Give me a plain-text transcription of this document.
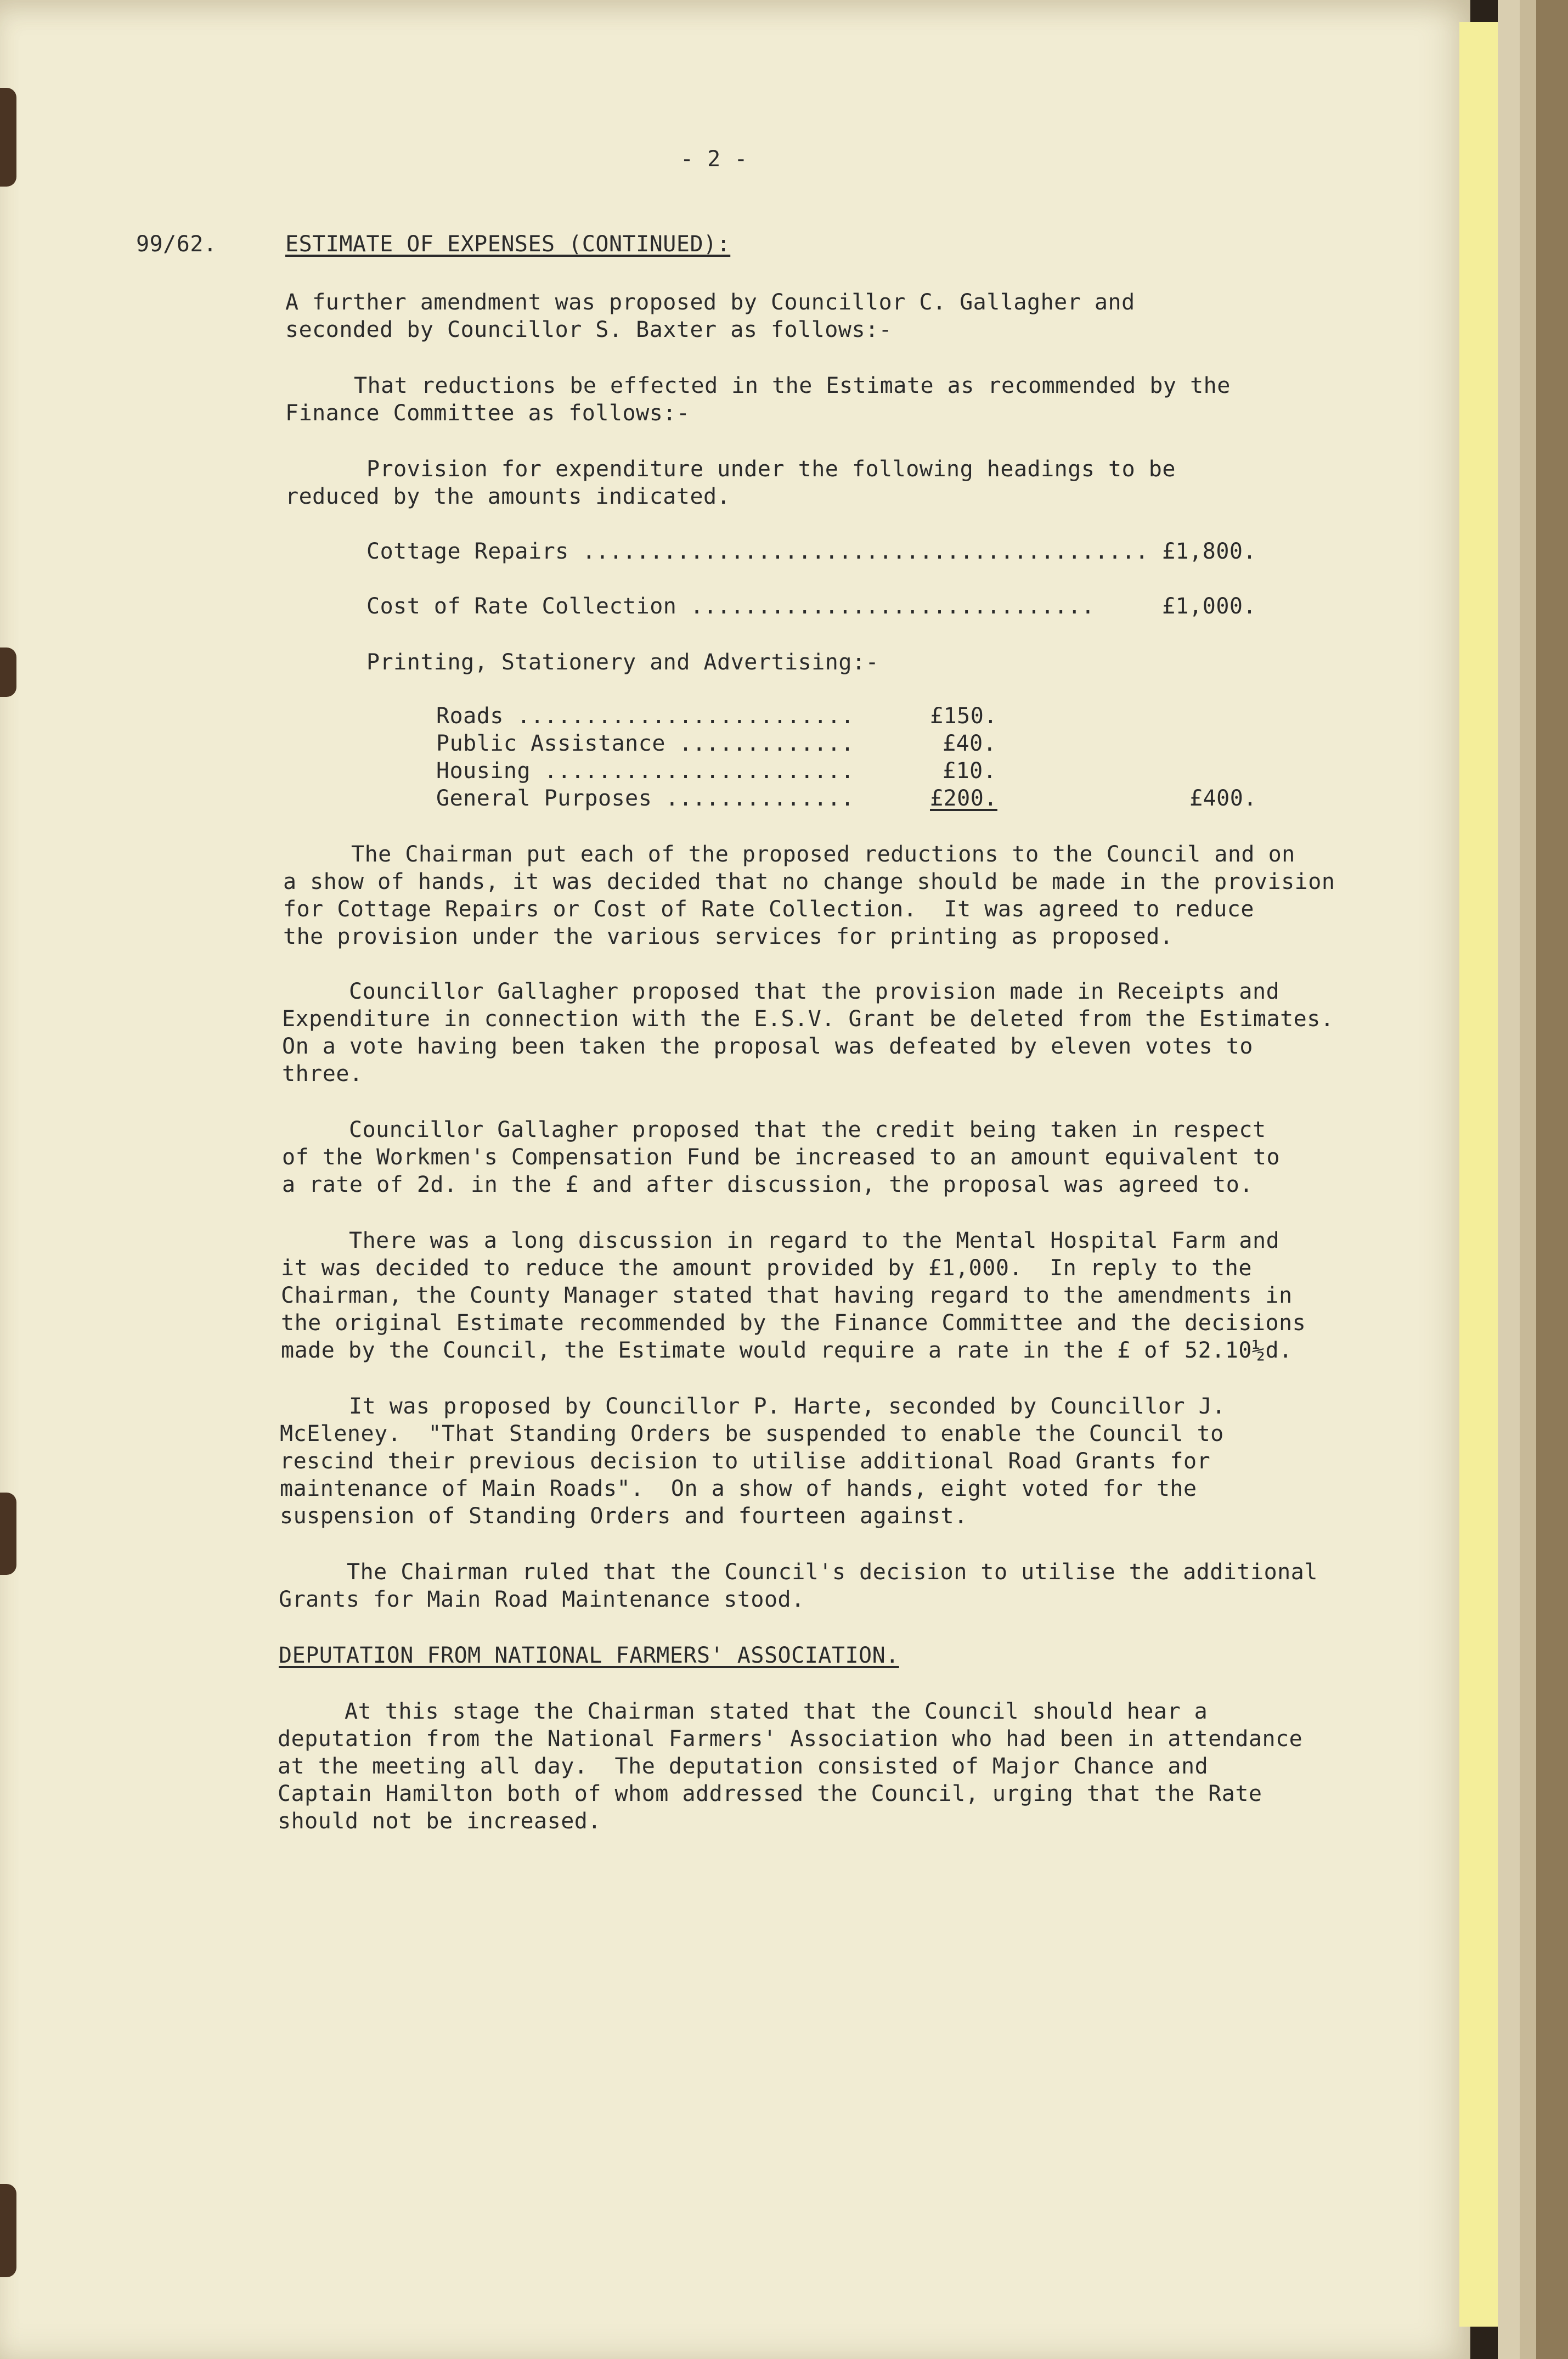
- 2 -
99/62.	ESTIMATE OF EXPENSES (CONTINUED):
A further amendment was proposed by Councillor C. Gallagher and
seconded by Councillor S. Baxter as follows:-
That reductions be effected in the Estimate as recommended by the
Finance Committee as follows:-
Provision for expenditure under the following headings to be
reduced by the amounts indicated.
Cottage Repairs .......................................... £1,800.
Cost of Rate Collection ..............................	£1,000.
Printing, Stationery and Advertising:-
Roads .........................	£150.
Public Assistance .............	£40.
Housing .......................	£10.
General Purposes ..............	£200.	£400.
The Chairman put each of the proposed reductions to the Council and on
a show of hands, it was decided that no change should be made in the provision
for Cottage Repairs or Cost of Rate Collection.  It was agreed to reduce
the provision under the various services for printing as proposed.
Councillor Gallagher proposed that the provision made in Receipts and
Expenditure in connection with the E.S.V. Grant be deleted from the Estimates.
On a vote having been taken the proposal was defeated by eleven votes to
three.
Councillor Gallagher proposed that the credit being taken in respect
of the Workmen's Compensation Fund be increased to an amount equivalent to
a rate of 2d. in the £ and after discussion, the proposal was agreed to.
There was a long discussion in regard to the Mental Hospital Farm and
it was decided to reduce the amount provided by £1,000.  In reply to the
Chairman, the County Manager stated that having regard to the amendments in
the original Estimate recommended by the Finance Committee and the decisions
made by the Council, the Estimate would require a rate in the £ of 52.10½d.
It was proposed by Councillor P. Harte, seconded by Councillor J.
McEleney.  "That Standing Orders be suspended to enable the Council to
rescind their previous decision to utilise additional Road Grants for
maintenance of Main Roads".  On a show of hands, eight voted for the
suspension of Standing Orders and fourteen against.
The Chairman ruled that the Council's decision to utilise the additional
Grants for Main Road Maintenance stood.
DEPUTATION FROM NATIONAL FARMERS' ASSOCIATION.
At this stage the Chairman stated that the Council should hear a
deputation from the National Farmers' Association who had been in attendance
at the meeting all day.  The deputation consisted of Major Chance and
Captain Hamilton both of whom addressed the Council, urging that the Rate
should not be increased.
